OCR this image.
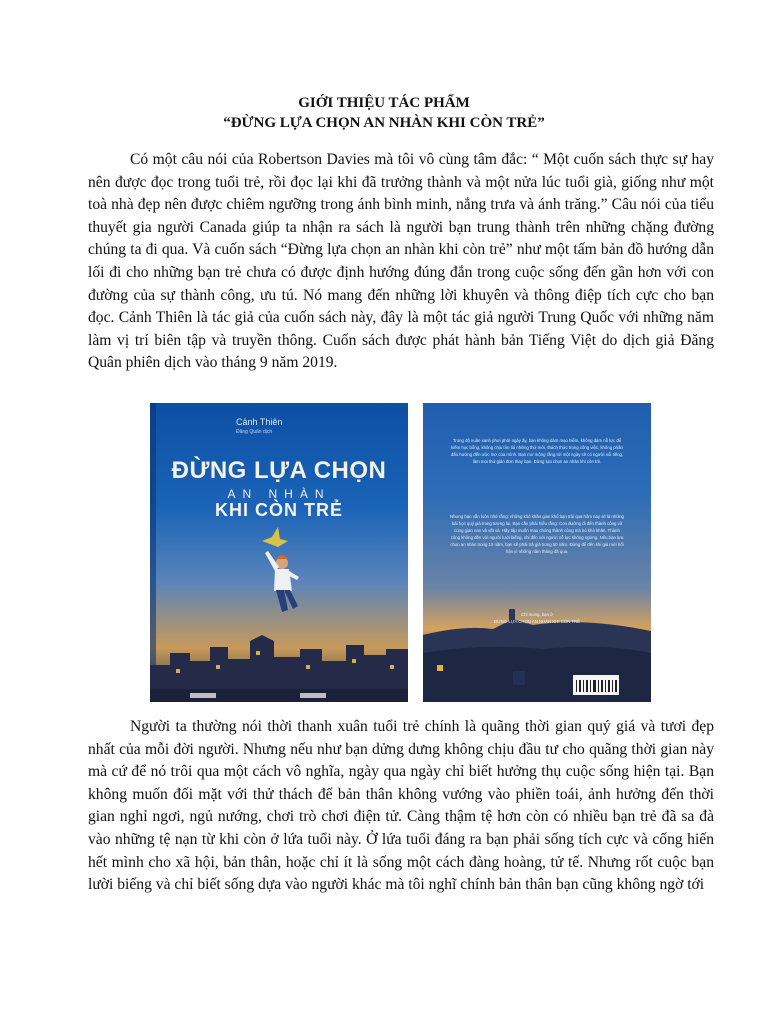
GIỚI THIỆU TÁC PHẨM
“ĐỪNG LỰA CHỌN AN NHÀN KHI CÒN TRẺ”

Có một câu nói của Robertson Davies mà tôi vô cùng tâm đắc: “ Một cuốn sách thực sự hay nên được đọc trong tuổi trẻ, rồi đọc lại khi đã trưởng thành và một nửa lúc tuổi già, giống như một toà nhà đẹp nên được chiêm ngưỡng trong ánh bình minh, nắng trưa và ánh trăng.” Câu nói của tiểu thuyết gia người Canada giúp ta nhận ra sách là người bạn trung thành trên những chặng đường chúng ta đi qua. Và cuốn sách “Đừng lựa chọn an nhàn khi còn trẻ” như một tấm bản đồ hướng dẫn lối đi cho những bạn trẻ chưa có được định hướng đúng đắn trong cuộc sống đến gần hơn với con đường của sự thành công, ưu tú. Nó mang đến những lời khuyên và thông điệp tích cực cho bạn đọc. Cảnh Thiên là tác giả của cuốn sách này, đây là một tác giả người Trung Quốc với những năm làm vị trí biên tập và truyền thông. Cuốn sách được phát hành bản Tiếng Việt do dịch giả Đăng Quân phiên dịch vào tháng 9 năm 2019.

Cảnh Thiên
Đăng Quân dịch
ĐỪNG LỰA CHỌN
AN NHÀN
KHI CÒN TRẺ

Trong độ xuân xanh phơi phới ngày ấy, bạn không dám mạo hiểm, không dám nỗ lực để kiếm học bổng, không chịu tìm tòi những thứ mới, thách thức trong công việc, không phấn đấu hướng đến ước mơ của mình. Bạn mơ mộng rằng tới một ngày sẽ có người nổi tiếng, làm mọi thứ giản đơn thay bạn. Đừng lựa chọn an nhàn khi còn trẻ.

Nhưng bạn vẫn luôn nhớ rằng: những khó khăn gian khổ bạn trải qua hôm nay sẽ là những bài học quý giá trong tương lai. Bạn cần phải hiểu rằng: Con đường đi đến thành công vô cùng gian nan và vất vả. Hãy tập muốn mau chóng thành công mà bỏ khó khăn. Thành công không đến với người lười biếng, chỉ đến với người nỗ lực không ngừng. Nếu bạn lựa chọn an nhàn trong 10 năm, bạn sẽ phải trả giá trong 50 năm. Đừng để đến khi già mới hối hận vì những năm tháng đã qua.

Chỉ mong, bạn ở
ĐỪNG LỰA CHỌN AN NHÀN KHI CÒN TRẺ

Người ta thường nói thời thanh xuân tuổi trẻ chính là quãng thời gian quý giá và tươi đẹp nhất của mỗi đời người. Nhưng nếu như bạn dửng dưng không chịu đầu tư cho quãng thời gian này mà cứ để nó trôi qua một cách vô nghĩa, ngày qua ngày chỉ biết hưởng thụ cuộc sống hiện tại. Bạn không muốn đối mặt với thử thách để bản thân không vướng vào phiền toái, ảnh hưởng đến thời gian nghỉ ngơi, ngủ nướng, chơi trò chơi điện tử. Càng thậm tệ hơn còn có nhiều bạn trẻ đã sa đà vào những tệ nạn từ khi còn ở lứa tuổi này. Ở lứa tuổi đáng ra bạn phải sống tích cực và cống hiến hết mình cho xã hội, bản thân, hoặc chỉ ít là sống một cách đàng hoàng, tử tế. Nhưng rốt cuộc bạn lười biếng và chỉ biết sống dựa vào người khác mà tôi nghĩ chính bản thân bạn cũng không ngờ tới
